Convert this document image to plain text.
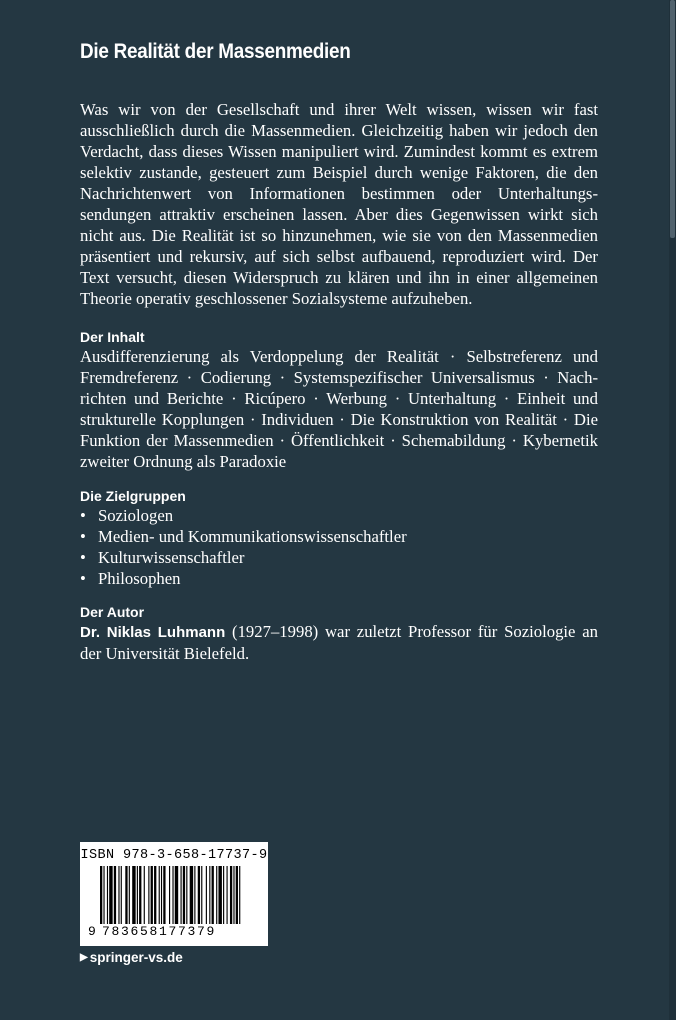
Die Realität der Massenmedien

Was wir von der Gesellschaft und ihrer Welt wissen, wissen wir fast ausschließlich durch die Massenmedien. Gleichzeitig haben wir jedoch den Verdacht, dass dieses Wissen manipuliert wird. Zumindest kommt es extrem selektiv zustande, gesteuert zum Beispiel durch wenige Faktoren, die den Nachrichtenwert von Informationen bestimmen oder Unterhaltungssendungen attraktiv erscheinen lassen. Aber dies Gegenwissen wirkt sich nicht aus. Die Realität ist so hinzunehmen, wie sie von den Massenmedien präsentiert und rekursiv, auf sich selbst aufbauend, reproduziert wird. Der Text versucht, diesen Widerspruch zu klären und ihn in einer allgemeinen Theorie operativ geschlossener Sozialsysteme aufzuheben.

Der Inhalt

Ausdifferenzierung als Verdoppelung der Realität · Selbstreferenz und Fremdreferenz · Codierung · Systemspezifischer Universalismus · Nachrichten und Berichte · Ricúpero · Werbung · Unterhaltung · Einheit und strukturelle Kopplungen · Individuen · Die Konstruktion von Realität · Die Funktion der Massenmedien · Öffentlichkeit · Schemabildung · Kybernetik zweiter Ordnung als Paradoxie

Die Zielgruppen
• Soziologen
• Medien- und Kommunikationswissenschaftler
• Kulturwissenschaftler
• Philosophen
Der Autor

Dr. Niklas Luhmann (1927–1998) war zuletzt Professor für Soziologie an der Universität Bielefeld.

ISBN 978-3-658-17737-9
9 783658177379
▶ springer-vs.de
